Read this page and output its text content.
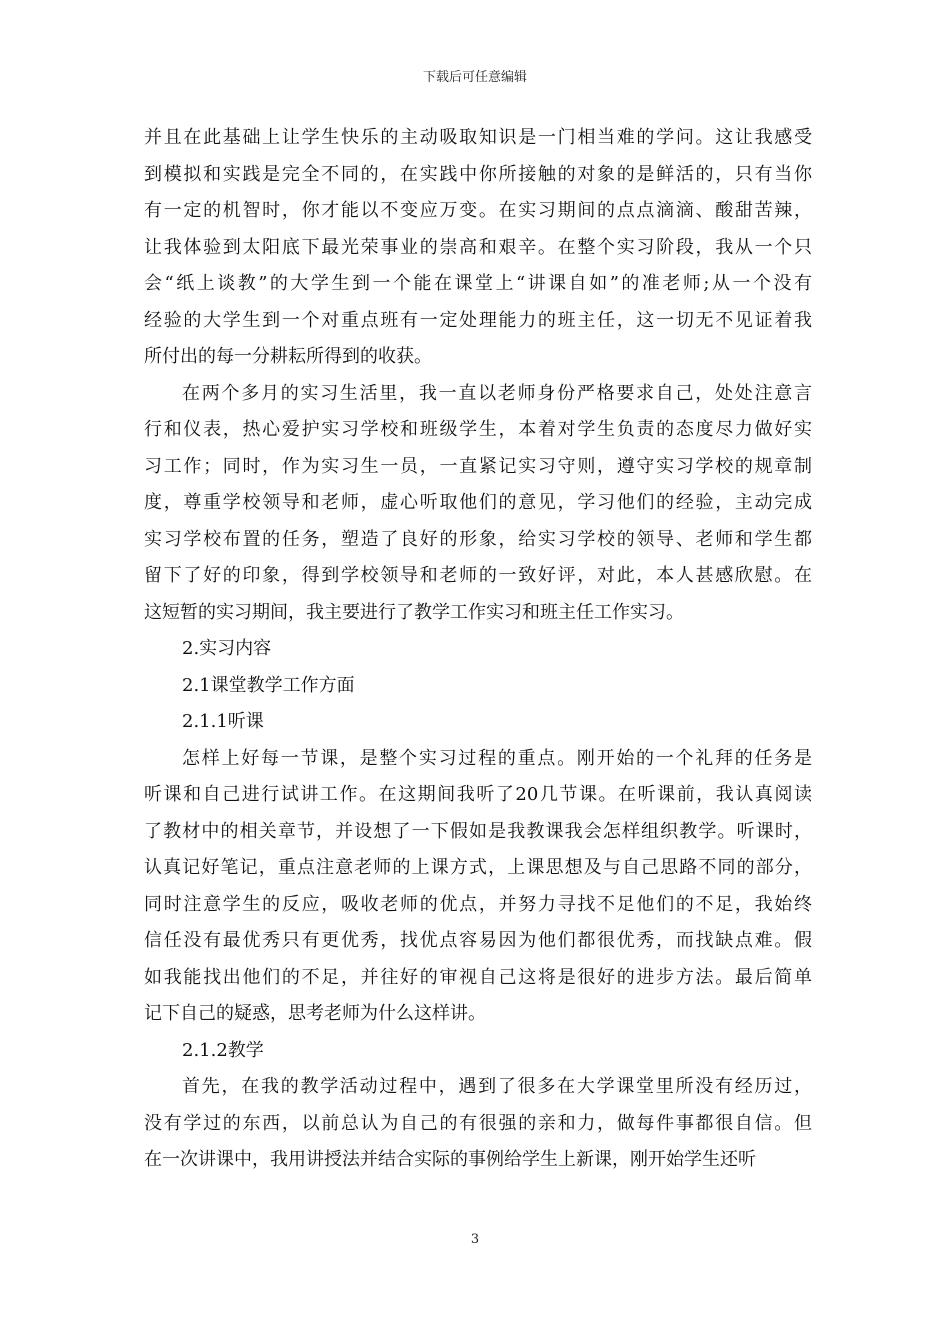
下载后可任意编辑
并且在此基础上让学生快乐的主动吸取知识是一门相当难的学问。这让我感受
到模拟和实践是完全不同的，在实践中你所接触的对象的是鲜活的，只有当你
有一定的机智时，你才能以不变应万变。在实习期间的点点滴滴、酸甜苦辣，
让我体验到太阳底下最光荣事业的崇高和艰辛。在整个实习阶段，我从一个只
会“纸上谈教”的大学生到一个能在课堂上“讲课自如”的准老师;从一个没有
经验的大学生到一个对重点班有一定处理能力的班主任，这一切无不见证着我
所付出的每一分耕耘所得到的收获。
在两个多月的实习生活里，我一直以老师身份严格要求自己，处处注意言
行和仪表，热心爱护实习学校和班级学生，本着对学生负责的态度尽力做好实
习工作；同时，作为实习生一员，一直紧记实习守则，遵守实习学校的规章制
度，尊重学校领导和老师，虚心听取他们的意见，学习他们的经验，主动完成
实习学校布置的任务，塑造了良好的形象，给实习学校的领导、老师和学生都
留下了好的印象，得到学校领导和老师的一致好评，对此，本人甚感欣慰。在
这短暂的实习期间，我主要进行了教学工作实习和班主任工作实习。
2.实习内容
2.1课堂教学工作方面
2.1.1听课
怎样上好每一节课，是整个实习过程的重点。刚开始的一个礼拜的任务是
听课和自己进行试讲工作。在这期间我听了20几节课。在听课前，我认真阅读
了教材中的相关章节，并设想了一下假如是我教课我会怎样组织教学。听课时，
认真记好笔记，重点注意老师的上课方式，上课思想及与自己思路不同的部分，
同时注意学生的反应，吸收老师的优点，并努力寻找不足他们的不足，我始终
信任没有最优秀只有更优秀，找优点容易因为他们都很优秀，而找缺点难。假
如我能找出他们的不足，并往好的审视自己这将是很好的进步方法。最后简单
记下自己的疑惑，思考老师为什么这样讲。
2.1.2教学
首先，在我的教学活动过程中，遇到了很多在大学课堂里所没有经历过，
没有学过的东西，以前总认为自己的有很强的亲和力，做每件事都很自信。但
在一次讲课中，我用讲授法并结合实际的事例给学生上新课，刚开始学生还听
3
